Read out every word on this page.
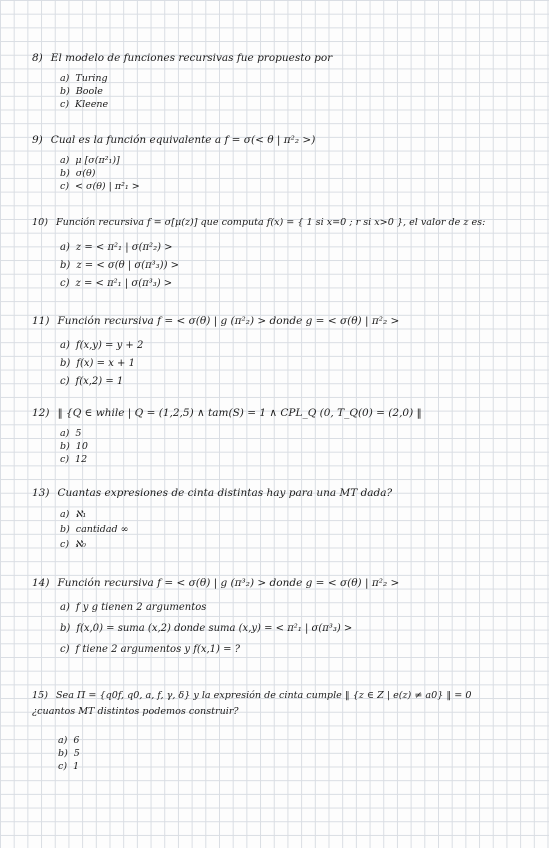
8) El modelo de funciones recursivas fue propuesto por
a) Turing
b) Boole
c) Kleene
9) Cual es la función equivalente a f = σ(< θ | π²₂ >)
a) μ [σ(π²₁)]
b) σ(θ)
c) < σ(θ) | π²₁ >
10) Función recursiva f = σ[μ(z)] que computa f(x) = { 1 si x=0 ; r si x>0 }, el valor de z es:
a) z = < π²₁ | σ(π²₂) >
b) z = < σ(θ | σ(π³₃)) >
c) z = < π²₁ | σ(π³₃) >
11) Función recursiva f = < σ(θ) | g (π²₂) > donde g = < σ(θ) | π²₂ >
a) f(x,y) = y + 2
b) f(x) = x + 1
c) f(x,2) = 1
12) ‖ {Q ∈ while | Q = (1,2,5) ∧ tam(S) = 1 ∧ CPL_Q (0, T_Q(0) = (2,0) ‖
a) 5
b) 10
c) 12
13) Cuantas expresiones de cinta distintas hay para una MT dada?
a) ℵ₁
b) cantidad ∞
c) ℵ₀
14) Función recursiva f = < σ(θ) | g (π³₂) > donde g = < σ(θ) | π²₂ >
a) f y g tienen 2 argumentos
b) f(x,0) = suma (x,2) donde suma (x,y) = < π²₁ | σ(π³₃) >
c) f tiene 2 argumentos y f(x,1) = ?
15) Sea Π = {q0f, q0, a, f, γ, δ} y la expresión de cinta cumple ‖ {z ∈ Z | e(z) ≠ a0} ‖ = 0
¿cuantos MT distintos podemos construir?
a) 6
b) 5
c) 1
